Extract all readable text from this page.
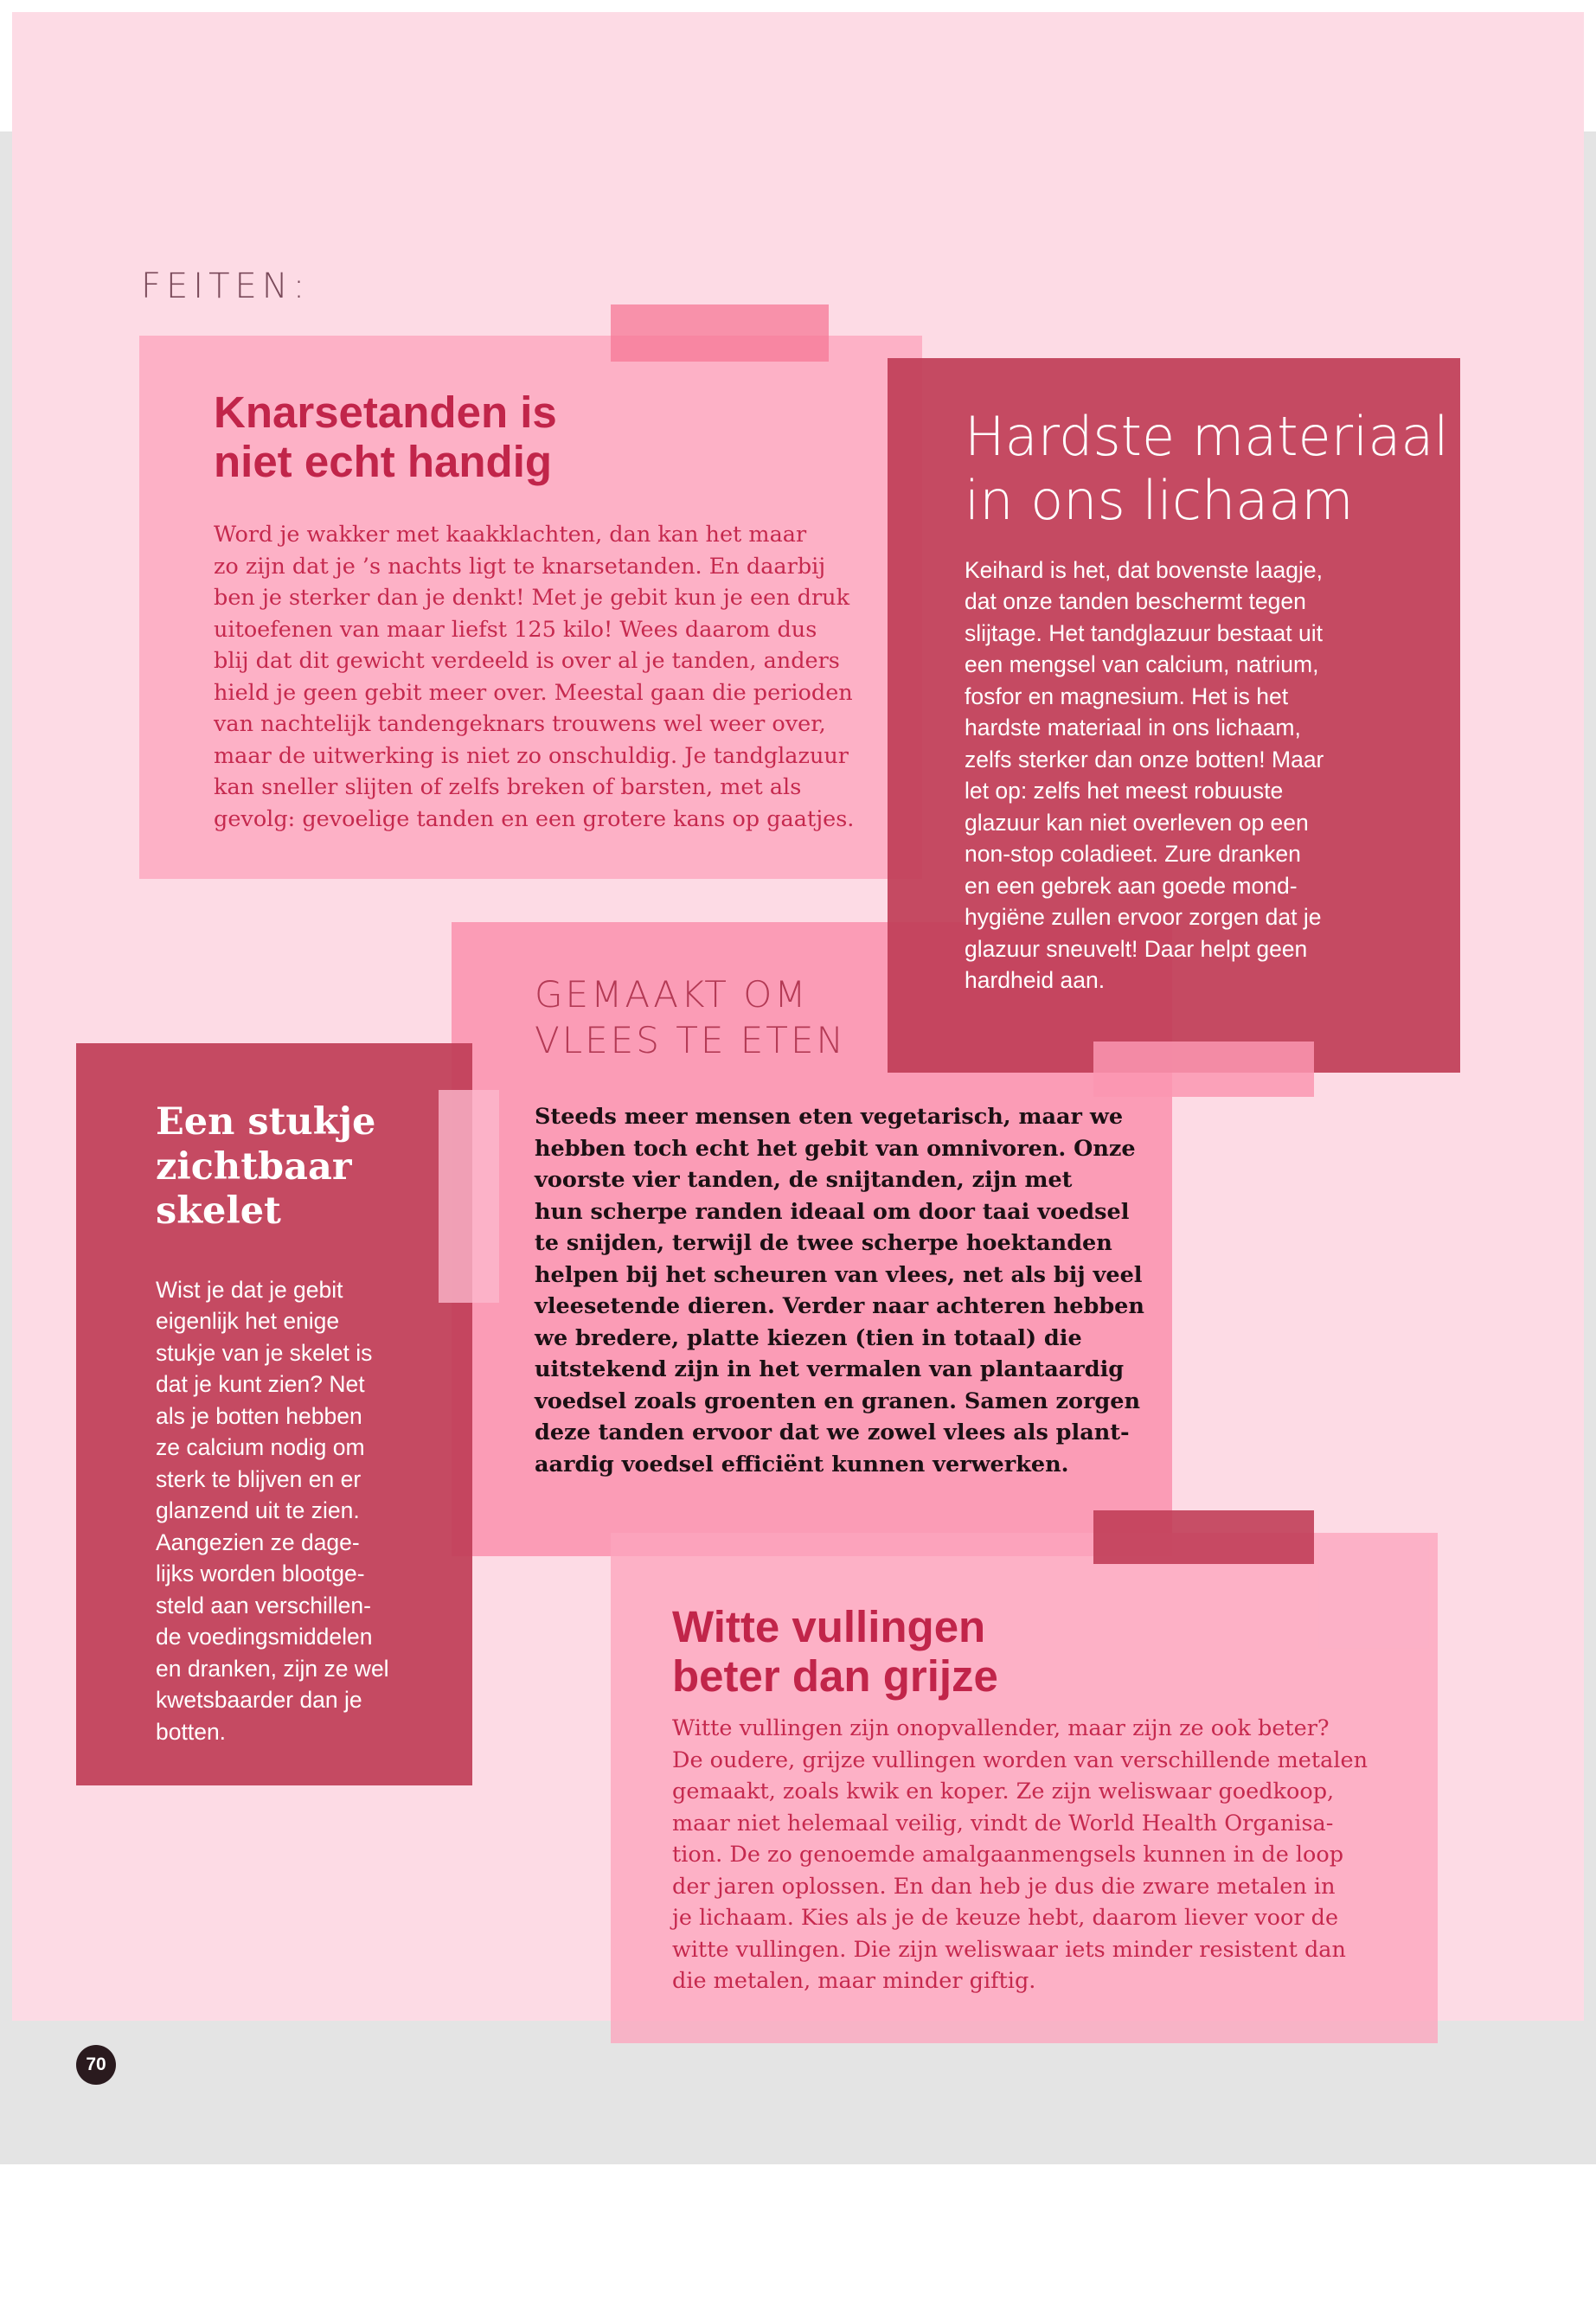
FEITEN:
Knarsetanden is
niet echt handig
Word je wakker met kaakklachten, dan kan het maar
zo zijn dat je ’s nachts ligt te knarsetanden. En daarbij
ben je sterker dan je denkt! Met je gebit kun je een druk
uitoefenen van maar liefst 125 kilo! Wees daarom dus
blij dat dit gewicht verdeeld is over al je tanden, anders
hield je geen gebit meer over. Meestal gaan die perioden
van nachtelijk tandengeknars trouwens wel weer over,
maar de uitwerking is niet zo onschuldig. Je tandglazuur
kan sneller slijten of zelfs breken of barsten, met als
gevolg: gevoelige tanden en een grotere kans op gaatjes.
Hardste materiaal
in ons lichaam
Keihard is het, dat bovenste laagje,
dat onze tanden beschermt tegen
slijtage. Het tandglazuur bestaat uit
een mengsel van calcium, natrium,
fosfor en magnesium. Het is het
hardste materiaal in ons lichaam,
zelfs sterker dan onze botten! Maar
let op: zelfs het meest robuuste
glazuur kan niet overleven op een
non-stop coladieet. Zure dranken
en een gebrek aan goede mond-
hygiëne zullen ervoor zorgen dat je
glazuur sneuvelt! Daar helpt geen
hardheid aan.
GEMAAKT OM
VLEES TE ETEN
Steeds meer mensen eten vegetarisch, maar we
hebben toch echt het gebit van omnivoren. Onze
voorste vier tanden, de snijtanden, zijn met
hun scherpe randen ideaal om door taai voedsel
te snijden, terwijl de twee scherpe hoektanden
helpen bij het scheuren van vlees, net als bij veel
vleesetende dieren. Verder naar achteren hebben
we bredere, platte kiezen (tien in totaal) die
uitstekend zijn in het vermalen van plantaardig
voedsel zoals groenten en granen. Samen zorgen
deze tanden ervoor dat we zowel vlees als plant-
aardig voedsel efficiënt kunnen verwerken.
Een stukje
zichtbaar
skelet
Wist je dat je gebit
eigenlijk het enige
stukje van je skelet is
dat je kunt zien? Net
als je botten hebben
ze calcium nodig om
sterk te blijven en er
glanzend uit te zien.
Aangezien ze dage-
lijks worden blootge-
steld aan verschillen-
de voedingsmiddelen
en dranken, zijn ze wel
kwetsbaarder dan je
botten.
Witte vullingen
beter dan grijze
Witte vullingen zijn onopvallender, maar zijn ze ook beter?
De oudere, grijze vullingen worden van verschillende metalen
gemaakt, zoals kwik en koper. Ze zijn weliswaar goedkoop,
maar niet helemaal veilig, vindt de World Health Organisa-
tion. De zo genoemde amalgaanmengsels kunnen in de loop
der jaren oplossen. En dan heb je dus die zware metalen in
je lichaam. Kies als je de keuze hebt, daarom liever voor de
witte vullingen. Die zijn weliswaar iets minder resistent dan
die metalen, maar minder giftig.
70
